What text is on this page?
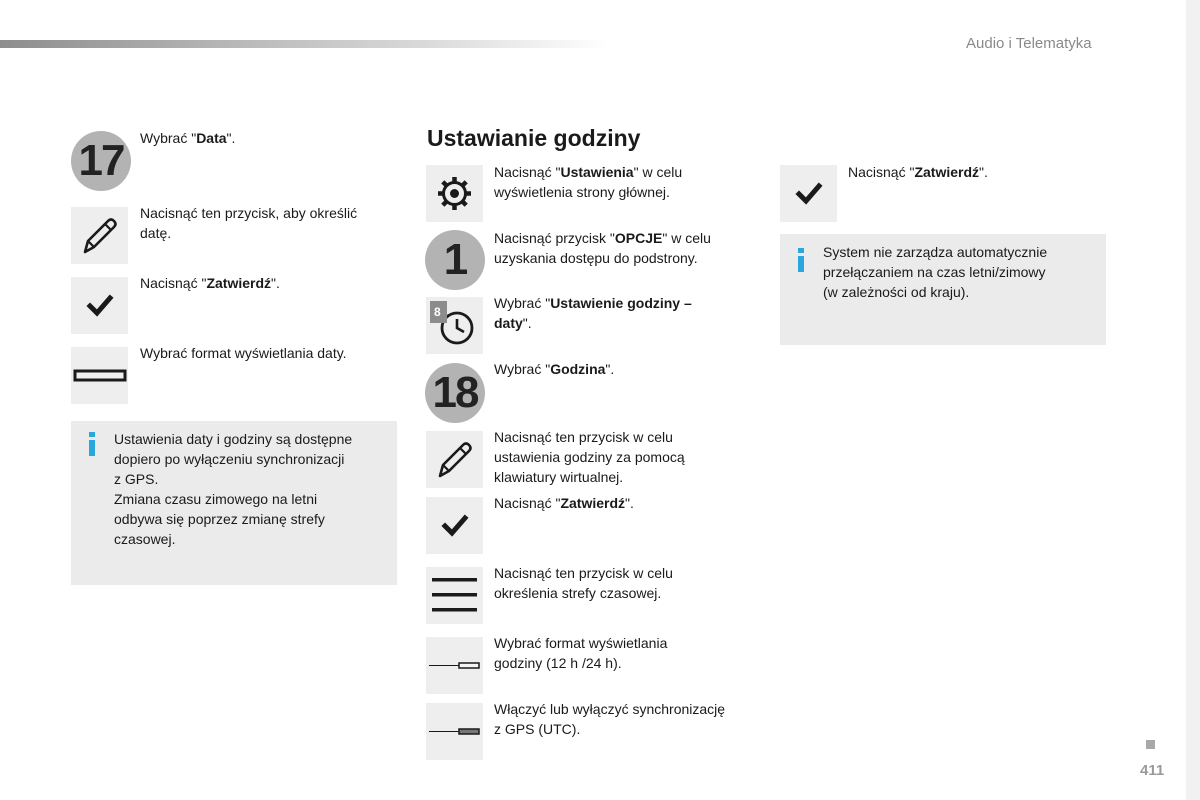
Audio i Telematyka
17	Wybrać "Data".
Nacisnąć ten przycisk, aby określić
datę.
Nacisnąć "Zatwierdź".
Wybrać format wyświetlania daty.
Ustawienia daty i godziny są dostępne
dopiero po wyłączeniu synchronizacji
z GPS.
Zmiana czasu zimowego na letni
odbywa się poprzez zmianę strefy
czasowej.
Ustawianie godziny
Nacisnąć "Ustawienia" w celu
wyświetlenia strony głównej.
1	Nacisnąć przycisk "OPCJE" w celu
uzyskania dostępu do podstrony.
8
Wybrać "Ustawienie godziny –
daty".
18	Wybrać "Godzina".
Nacisnąć ten przycisk w celu
ustawienia godziny za pomocą
klawiatury wirtualnej.
Nacisnąć "Zatwierdź".
Nacisnąć ten przycisk w celu
określenia strefy czasowej.
Wybrać format wyświetlania
godziny (12 h /24 h).
Włączyć lub wyłączyć synchronizację
z GPS (UTC).
Nacisnąć "Zatwierdź".
System nie zarządza automatycznie
przełączaniem na czas letni/zimowy
(w zależności od kraju).
411
